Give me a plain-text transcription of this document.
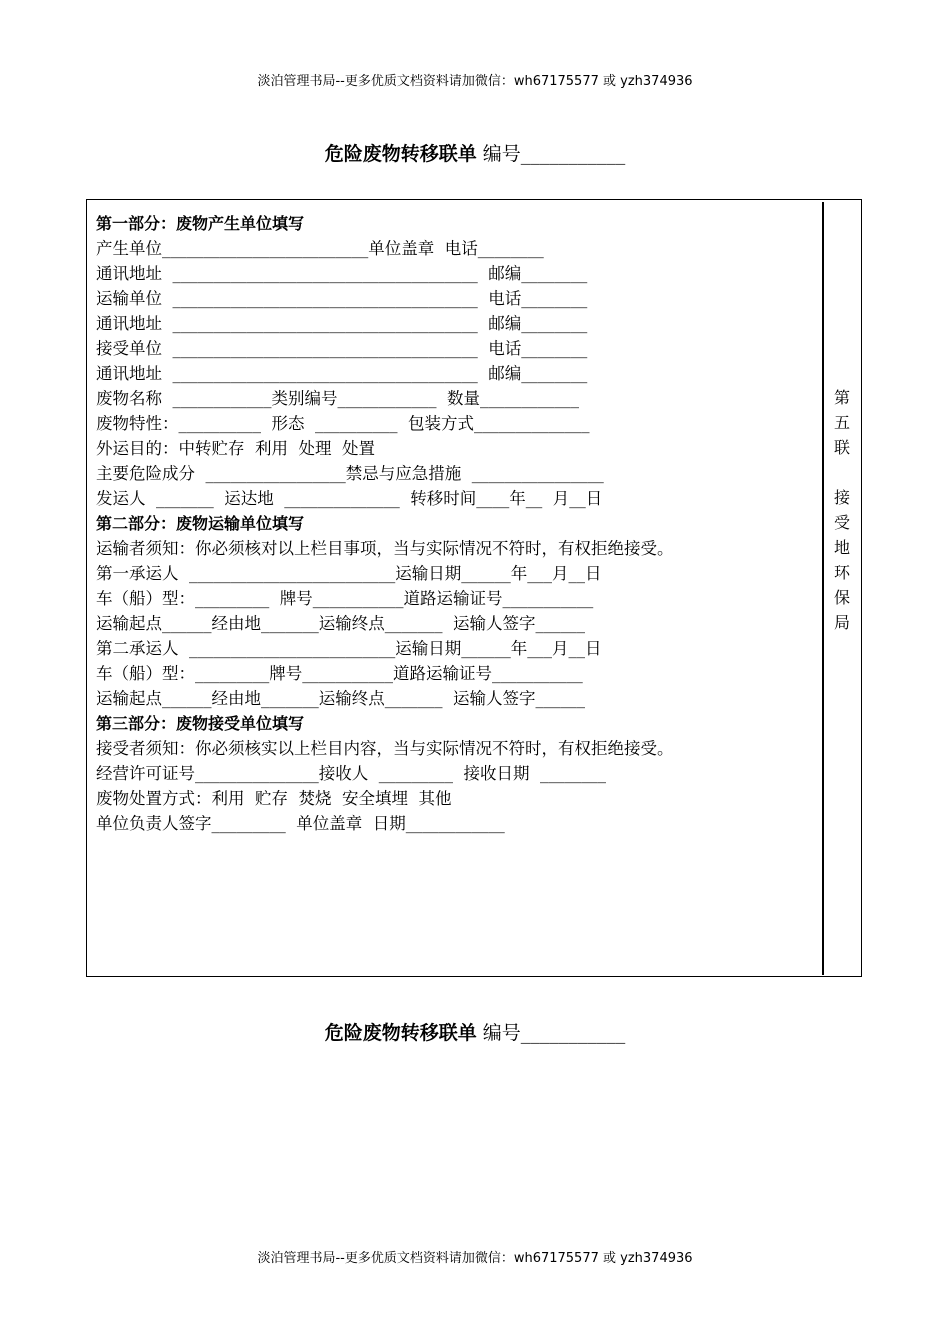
淡泊管理书局--更多优质文档资料请加微信：wh67175577 或 yzh374936
危险废物转移联单 编号___________
第
五
联

接
受
地
环
保
局
第一部分：废物产生单位填写
产生单位_________________________单位盖章  电话________
通讯地址  _____________________________________  邮编________
运输单位  _____________________________________  电话________
通讯地址  _____________________________________  邮编________
接受单位  _____________________________________  电话________
通讯地址  _____________________________________  邮编________
废物名称  ____________类别编号____________  数量____________
废物特性：__________  形态  __________  包装方式______________
外运目的：中转贮存  利用  处理  处置
主要危险成分  _________________禁忌与应急措施  ________________
发运人  _______  运达地  ______________  转移时间____年__  月__日
第二部分：废物运输单位填写
运输者须知：你必须核对以上栏目事项，当与实际情况不符时，有权拒绝接受。
第一承运人  _________________________运输日期______年___月__日
车（船）型：_________  牌号___________道路运输证号___________
运输起点______经由地_______运输终点_______  运输人签字______
第二承运人  _________________________运输日期______年___月__日
车（船）型：_________牌号___________道路运输证号___________
运输起点______经由地_______运输终点_______  运输人签字______
第三部分：废物接受单位填写
接受者须知：你必须核实以上栏目内容，当与实际情况不符时，有权拒绝接受。
经营许可证号_______________接收人  _________  接收日期  ________
废物处置方式：利用  贮存  焚烧  安全填埋  其他
单位负责人签字_________  单位盖章  日期____________
危险废物转移联单 编号___________
淡泊管理书局--更多优质文档资料请加微信：wh67175577 或 yzh374936
